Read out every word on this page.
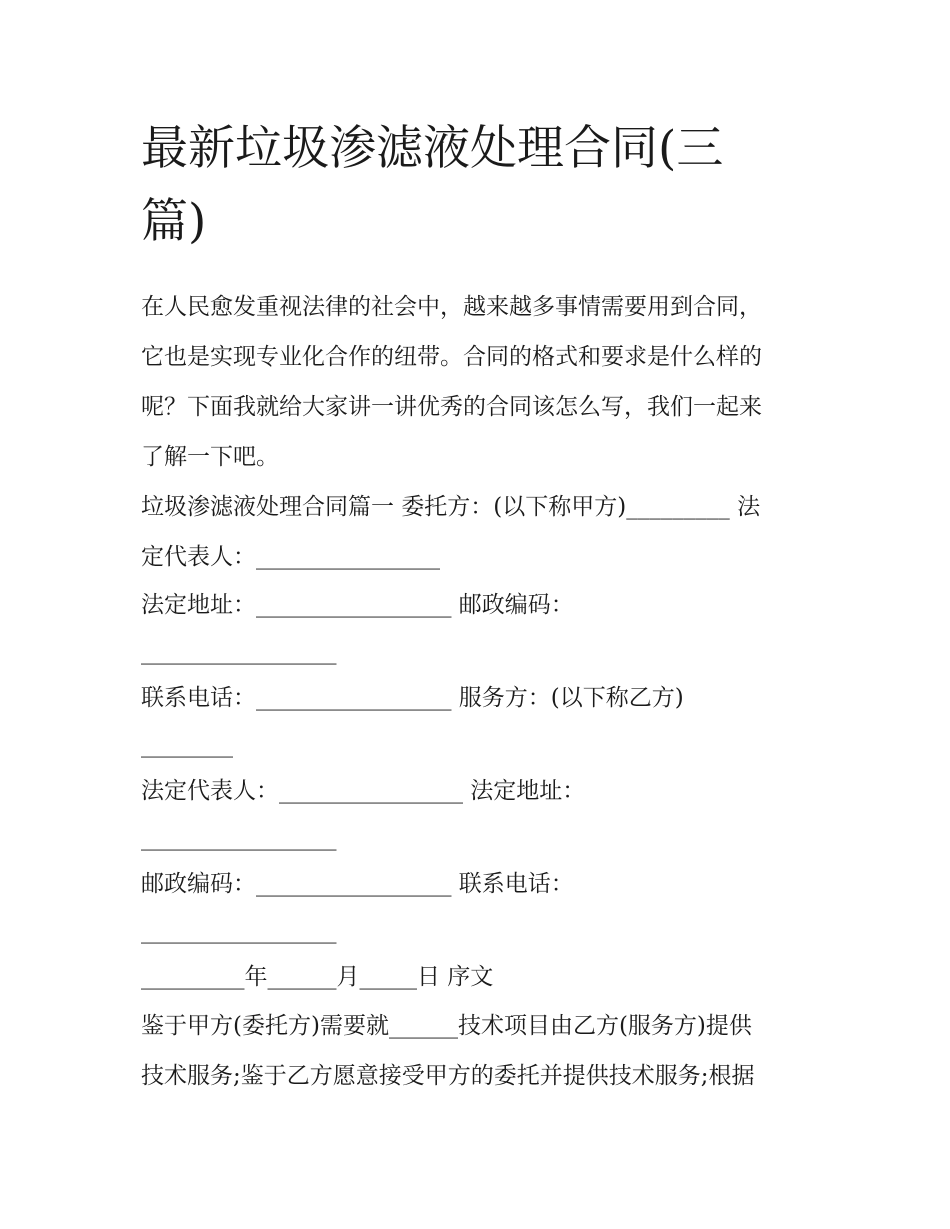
最新垃圾渗滤液处理合同(三
篇)
在人民愈发重视法律的社会中，越来越多事情需要用到合同，
它也是实现专业化合作的纽带。合同的格式和要求是什么样的
呢？下面我就给大家讲一讲优秀的合同该怎么写，我们一起来
了解一下吧。
垃圾渗滤液处理合同篇一 委托方：(以下称甲方)_________ 法
定代表人：________________
法定地址：_________________ 邮政编码：
_________________
联系电话：_________________ 服务方：(以下称乙方)
________
法定代表人：________________ 法定地址：
_________________
邮政编码：_________________ 联系电话：
_________________
_________年______月_____日 序文
鉴于甲方(委托方)需要就______技术项目由乙方(服务方)提供
技术服务;鉴于乙方愿意接受甲方的委托并提供技术服务;根据
